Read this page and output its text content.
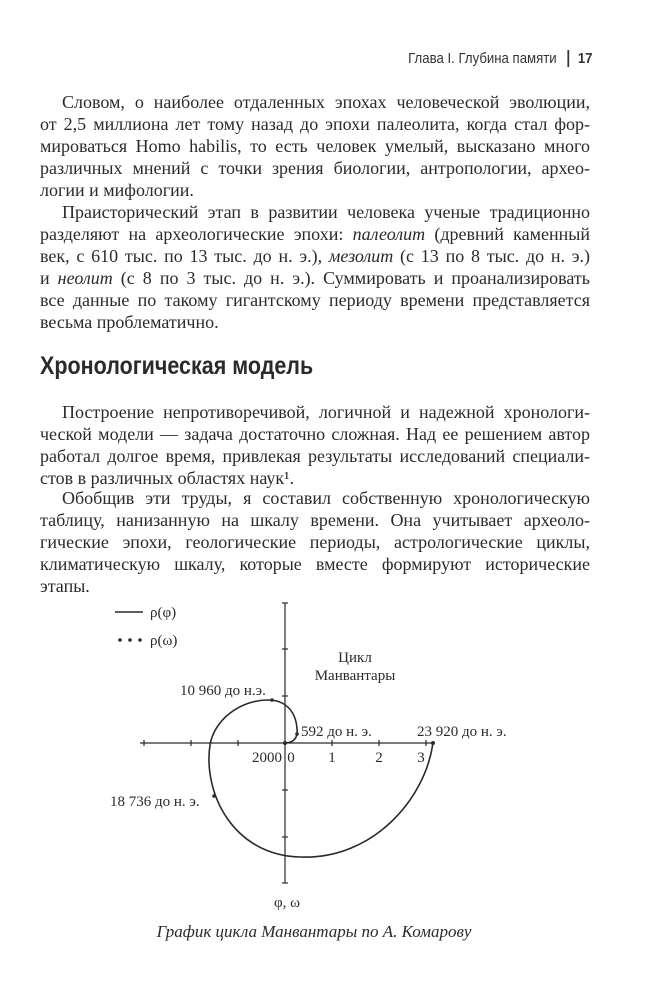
Глава I. Глубина памяти 17
Словом, о наиболее отдаленных эпохах человеческой эволюции,
от 2,5 миллиона лет тому назад до эпохи палеолита, когда стал фор-
мироваться Homo habilis, то есть человек умелый, высказано много
различных мнений с точки зрения биологии, антропологии, архео-
логии и мифологии.
Праисторический этап в развитии человека ученые традиционно
разделяют на археологические эпохи: палеолит (древний каменный
век, с 610 тыс. по 13 тыс. до н. э.), мезолит (с 13 по 8 тыс. до н. э.)
и неолит (с 8 по 3 тыс. до н. э.). Суммировать и проанализировать
все данные по такому гигантскому периоду времени представляется
весьма проблематично.
Хронологическая модель
Построение непротиворечивой, логичной и надежной хронологи-
ческой модели — задача достаточно сложная. Над ее решением автор
работал долгое время, привлекая результаты исследований специали-
стов в различных областях наук¹.
Обобщив эти труды, я составил собственную хронологическую
таблицу, нанизанную на шкалу времени. Она учитывает археоло-
гические эпохи, геологические периоды, астрологические циклы,
климатическую шкалу, которые вместе формируют исторические
этапы.
ρ(φ)
ρ(ω)
Цикл
Манвантары
10 960 до н.э.
592 до н. э.	23 920 до н. э.
2000 0 1	2 3
18 736 до н. э.
φ, ω
График цикла Манвантары по А. Комарову
